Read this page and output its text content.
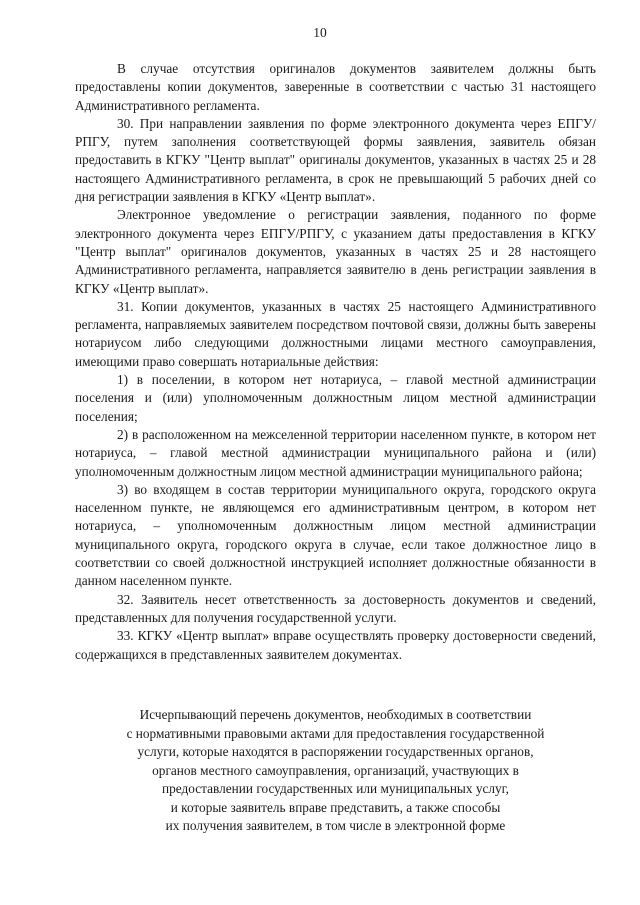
10

В случае отсутствия оригиналов документов заявителем должны быть предоставлены копии документов, заверенные в соответствии с частью 31 настоящего Административного регламента.

30. При направлении заявления по форме электронного документа через ЕПГУ/РПГУ, путем заполнения соответствующей формы заявления, заявитель обязан предоставить в КГКУ "Центр выплат" оригиналы документов, указанных в частях 25 и 28 настоящего Административного регламента, в срок не превышающий 5 рабочих дней со дня регистрации заявления в КГКУ «Центр выплат».

Электронное уведомление о регистрации заявления, поданного по форме электронного документа через ЕПГУ/РПГУ, с указанием даты предоставления в КГКУ "Центр выплат" оригиналов документов, указанных в частях 25 и 28 настоящего Административного регламента, направляется заявителю в день регистрации заявления в КГКУ «Центр выплат».

31. Копии документов, указанных в частях 25 настоящего Административного регламента, направляемых заявителем посредством почтовой связи, должны быть заверены нотариусом либо следующими должностными лицами местного самоуправления, имеющими право совершать нотариальные действия:

1) в поселении, в котором нет нотариуса, – главой местной администрации поселения и (или) уполномоченным должностным лицом местной администрации поселения;

2) в расположенном на межселенной территории населенном пункте, в котором нет нотариуса, – главой местной администрации муниципального района и (или) уполномоченным должностным лицом местной администрации муниципального района;

3) во входящем в состав территории муниципального округа, городского округа населенном пункте, не являющемся его административным центром, в котором нет нотариуса, – уполномоченным должностным лицом местной администрации муниципального округа, городского округа в случае, если такое должностное лицо в соответствии со своей должностной инструкцией исполняет должностные обязанности в данном населенном пункте.

32. Заявитель несет ответственность за достоверность документов и сведений, представленных для получения государственной услуги.

33. КГКУ «Центр выплат» вправе осуществлять проверку достоверности сведений, содержащихся в представленных заявителем документах.

Исчерпывающий перечень документов, необходимых в соответствии
с нормативными правовыми актами для предоставления государственной
услуги, которые находятся в распоряжении государственных органов,
органов местного самоуправления, организаций, участвующих в
предоставлении государственных или муниципальных услуг,
и которые заявитель вправе представить, а также способы
их получения заявителем, в том числе в электронной форме
